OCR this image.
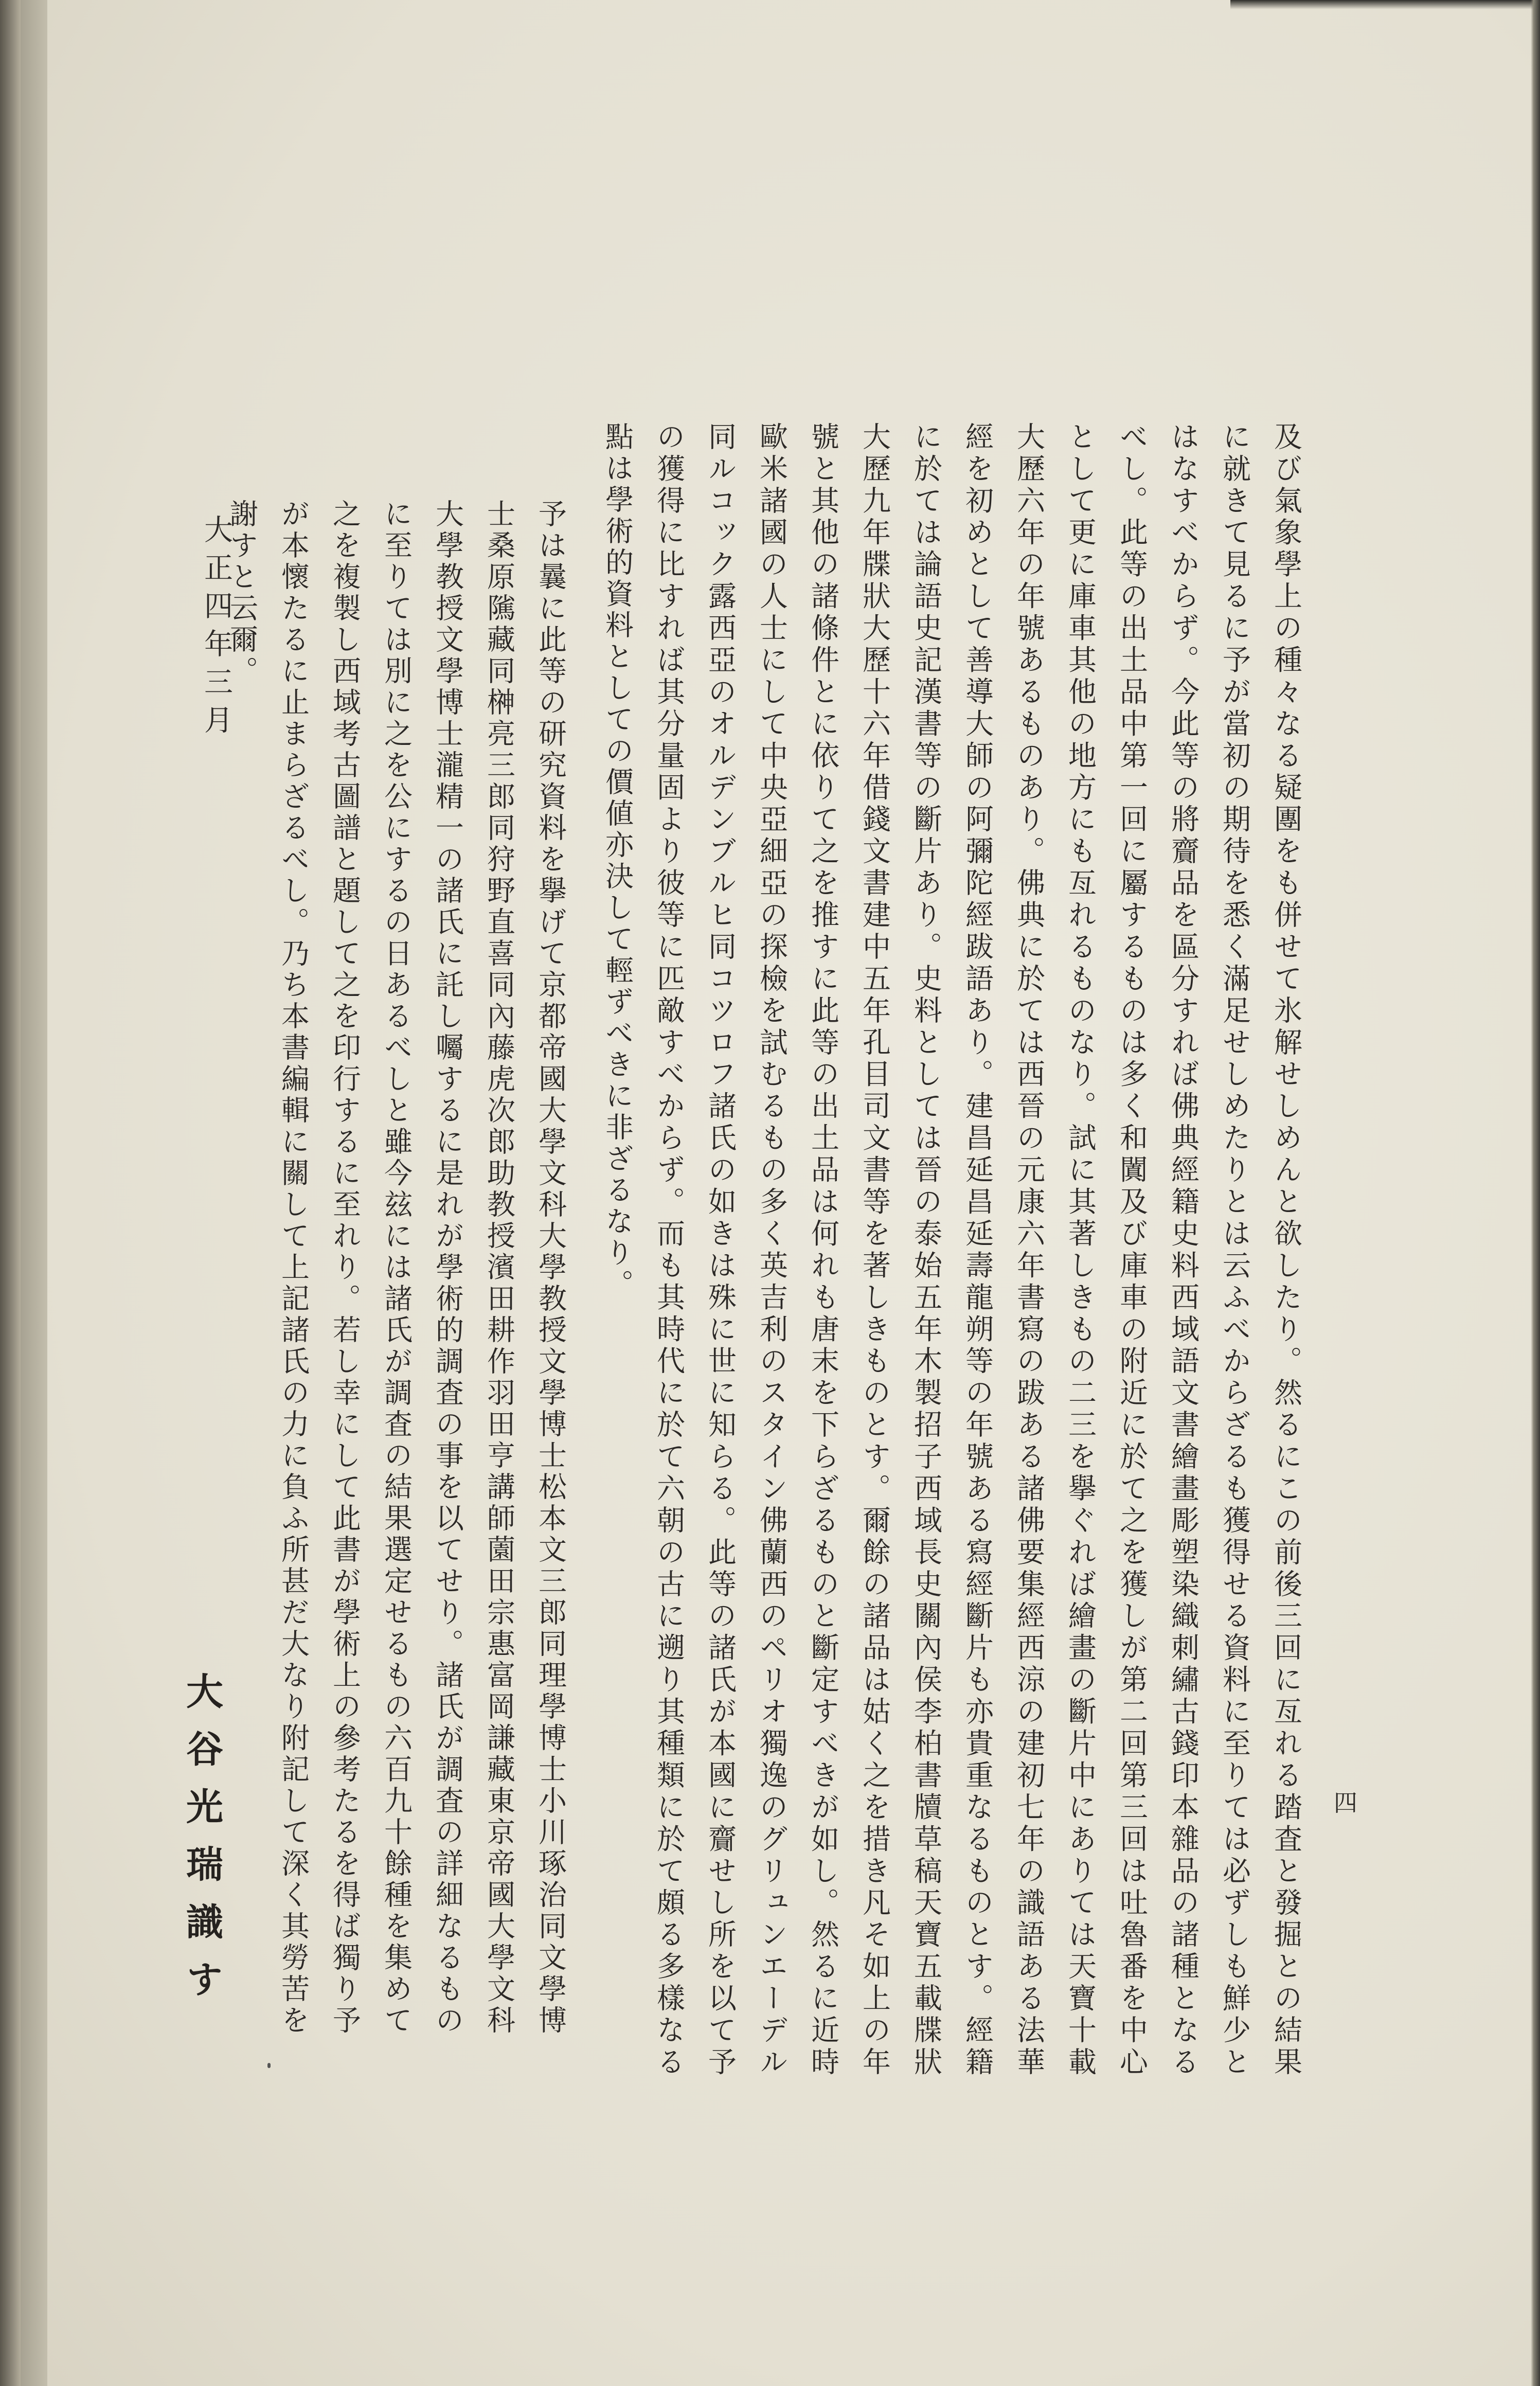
四

及び氣象學上の種々なる疑團をも併せて氷解せしめんと欲したり。然るにこの前後三回に亙れる踏査と發掘との結果に就きて見るに予が當初の期待を悉く滿足せしめたりとは云ふべからざるも獲得せる資料に至りては必ずしも鮮少とはなすべからず。今此等の將齎品を區分すれば佛典經籍史料西域語文書繪畫彫塑染織刺繡古錢印本雜品の諸種となるべし。此等の出土品中第一回に屬するものは多く和闐及び庫車の附近に於て之を獲しが第二回第三回は吐魯番を中心として更に庫車其他の地方にも亙れるものなり。試に其著しきもの二三を擧ぐれば繪畫の斷片中にありては天寶十載大歷六年の年號あるものあり。佛典に於ては西晉の元康六年書寫の跋ある諸佛要集經西涼の建初七年の識語ある法華經を初めとして善導大師の阿彌陀經跋語あり。建昌延昌延壽龍朔等の年號ある寫經斷片も亦貴重なるものとす。經籍に於ては論語史記漢書等の斷片あり。史料としては晉の泰始五年木製招子西域長史關內侯李柏書牘草稿天寶五載牒狀大歷九年牒狀大歷十六年借錢文書建中五年孔目司文書等を著しきものとす。爾餘の諸品は姑く之を措き凡そ如上の年號と其他の諸條件とに依りて之を推すに此等の出土品は何れも唐末を下らざるものと斷定すべきが如し。然るに近時歐米諸國の人士にして中央亞細亞の探檢を試むるもの多く英吉利のスタイン佛蘭西のペリオ獨逸のグリュンエーデル同ルコック露西亞のオルデンブルヒ同コツロフ諸氏の如きは殊に世に知らる。此等の諸氏が本國に齎せし所を以て予の獲得に比すれば其分量固より彼等に匹敵すべからず。而も其時代に於て六朝の古に遡り其種類に於て頗る多樣なる點は學術的資料としての價値亦決して輕ずべきに非ざるなり。

予は曩に此等の研究資料を擧げて京都帝國大學文科大學教授文學博士松本文三郎同理學博士小川琢治同文學博士桑原隲藏同榊亮三郎同狩野直喜同內藤虎次郎助教授濱田耕作羽田亨講師薗田宗惠富岡謙藏東京帝國大學文科大學教授文學博士瀧精一の諸氏に託し囑するに是れが學術的調査の事を以てせり。諸氏が調査の詳細なるものに至りては別に之を公にするの日あるべしと雖今玆には諸氏が調査の結果選定せるもの六百九十餘種を集めて之を複製し西域考古圖譜と題して之を印行するに至れり。若し幸にして此書が學術上の參考たるを得ば獨り予が本懷たるに止まらざるべし。乃ち本書編輯に關して上記諸氏の力に負ふ所甚だ大なり附記して深く其勞苦を謝すと云爾。

大正四年三月
大谷光瑞識す
